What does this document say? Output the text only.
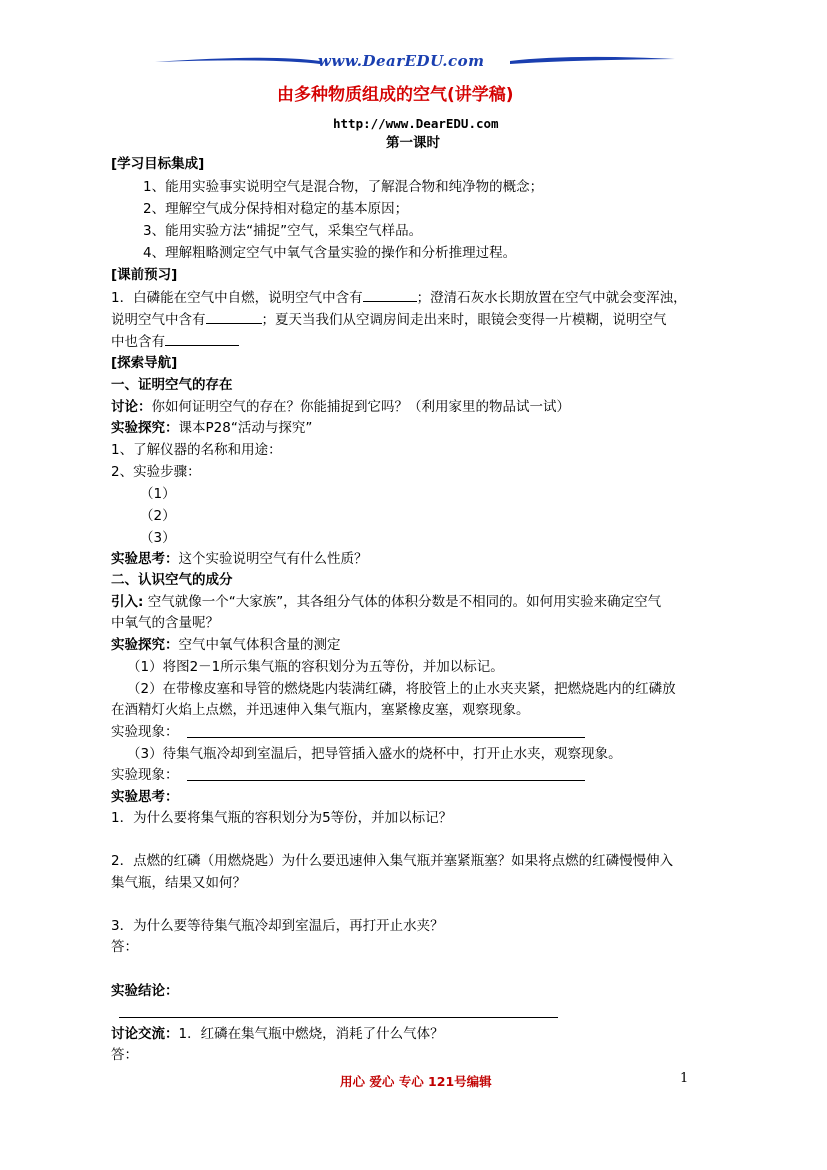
www.DearEDU.com
由多种物质组成的空气(讲学稿)
http://www.DearEDU.com
第一课时
[学习目标集成]
1、能用实验事实说明空气是混合物，了解混合物和纯净物的概念；
2、理解空气成分保持相对稳定的基本原因；
3、能用实验方法“捕捉”空气，采集空气样品。
4、理解粗略测定空气中氧气含量实验的操作和分析推理过程。
[课前预习]
1．白磷能在空气中自燃，说明空气中含有	；澄清石灰水长期放置在空气中就会变浑浊，
说明空气中含有	；夏天当我们从空调房间走出来时，眼镜会变得一片模糊，说明空气
中也含有
[探索导航]
一、证明空气的存在
讨论：你如何证明空气的存在？你能捕捉到它吗？（利用家里的物品试一试）
实验探究：课本P28“活动与探究”
1、了解仪器的名称和用途：
2、实验步骤：
（1）
（2）
（3）
实验思考：这个实验说明空气有什么性质？
二、认识空气的成分
引入: 空气就像一个“大家族”，其各组分气体的体积分数是不相同的。如何用实验来确定空气
中氧气的含量呢？
实验探究：空气中氧气体积含量的测定
（1）将图2－1所示集气瓶的容积划分为五等份，并加以标记。
（2）在带橡皮塞和导管的燃烧匙内装满红磷，将胶管上的止水夹夹紧，把燃烧匙内的红磷放
在酒精灯火焰上点燃，并迅速伸入集气瓶内，塞紧橡皮塞，观察现象。
实验现象：
（3）待集气瓶冷却到室温后，把导管插入盛水的烧杯中，打开止水夹，观察现象。
实验现象：
实验思考：
1．为什么要将集气瓶的容积划分为5等份，并加以标记？
2．点燃的红磷（用燃烧匙）为什么要迅速伸入集气瓶并塞紧瓶塞？如果将点燃的红磷慢慢伸入
集气瓶，结果又如何？
3．为什么要等待集气瓶冷却到室温后，再打开止水夹？
答：
实验结论：
讨论交流：1．红磷在集气瓶中燃烧，消耗了什么气体？
答：
用心 爱心 专心 121号编辑	1
